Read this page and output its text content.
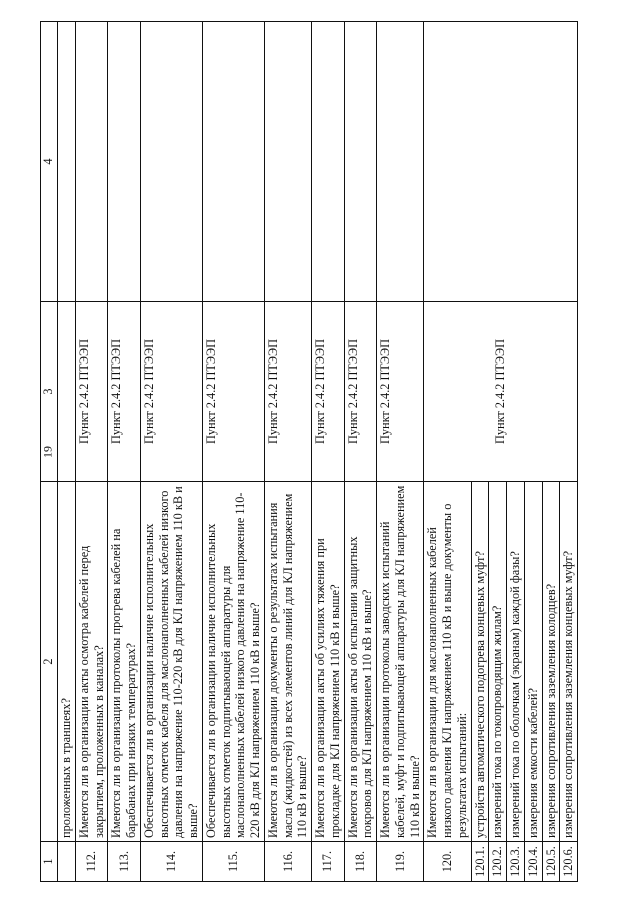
19
1	2	3	4
	проложенных в траншеях?		
112.	Имеются ли в организации акты осмотра кабелей перед закрытием, проложенных в каналах?	Пункт 2.4.2 ПТЭЭП	
113.	Имеются ли в организации протоколы прогрева кабелей на барабанах при низких температурах?	Пункт 2.4.2 ПТЭЭП	
114.	Обеспечивается ли в организации наличие исполнительных высотных отметок кабеля для маслонаполненных кабелей низкого давления на напряжение 110-220 кВ для КЛ напряжением 110 кВ и выше?	Пункт 2.4.2 ПТЭЭП	
115.	Обеспечивается ли в организации наличие исполнительных высотных отметок подпитывающей аппаратуры для маслонаполненных кабелей низкого давления на напряжение 110-220 кВ для КЛ напряжением 110 кВ и выше?	Пункт 2.4.2 ПТЭЭП	
116.	Имеются ли в организации документы о результатах испытания масла (жидкостей) из всех элементов линий для КЛ напряжением 110 кВ и выше?	Пункт 2.4.2 ПТЭЭП	
117.	Имеются ли в организации акты об усилиях тяжения при прокладке для КЛ напряжением 110 кВ и выше?	Пункт 2.4.2 ПТЭЭП	
118.	Имеются ли в организации акты об испытании защитных покровов для КЛ напряжением 110 кВ и выше?	Пункт 2.4.2 ПТЭЭП	
119.	Имеются ли в организации протоколы заводских испытаний кабелей, муфт и подпитывающей аппаратуры для КЛ напряжением 110 кВ и выше?	Пункт 2.4.2 ПТЭЭП	
120.	Имеются ли в организации для маслонаполненных кабелей низкого давления КЛ напряжением 110 кВ и выше документы о результатах испытаний:	Пункт 2.4.2 ПТЭЭП	
120.1.	устройств автоматического подогрева концевых муфт?		
120.2.	измерений тока по токопроводящим жилам?		
120.3.	измерений тока по оболочкам (экранам) каждой фазы?		
120.4.	измерения емкости кабелей?		
120.5.	измерения сопротивления заземления колодцев?		
120.6.	измерения сопротивления заземления концевых муфт?		
